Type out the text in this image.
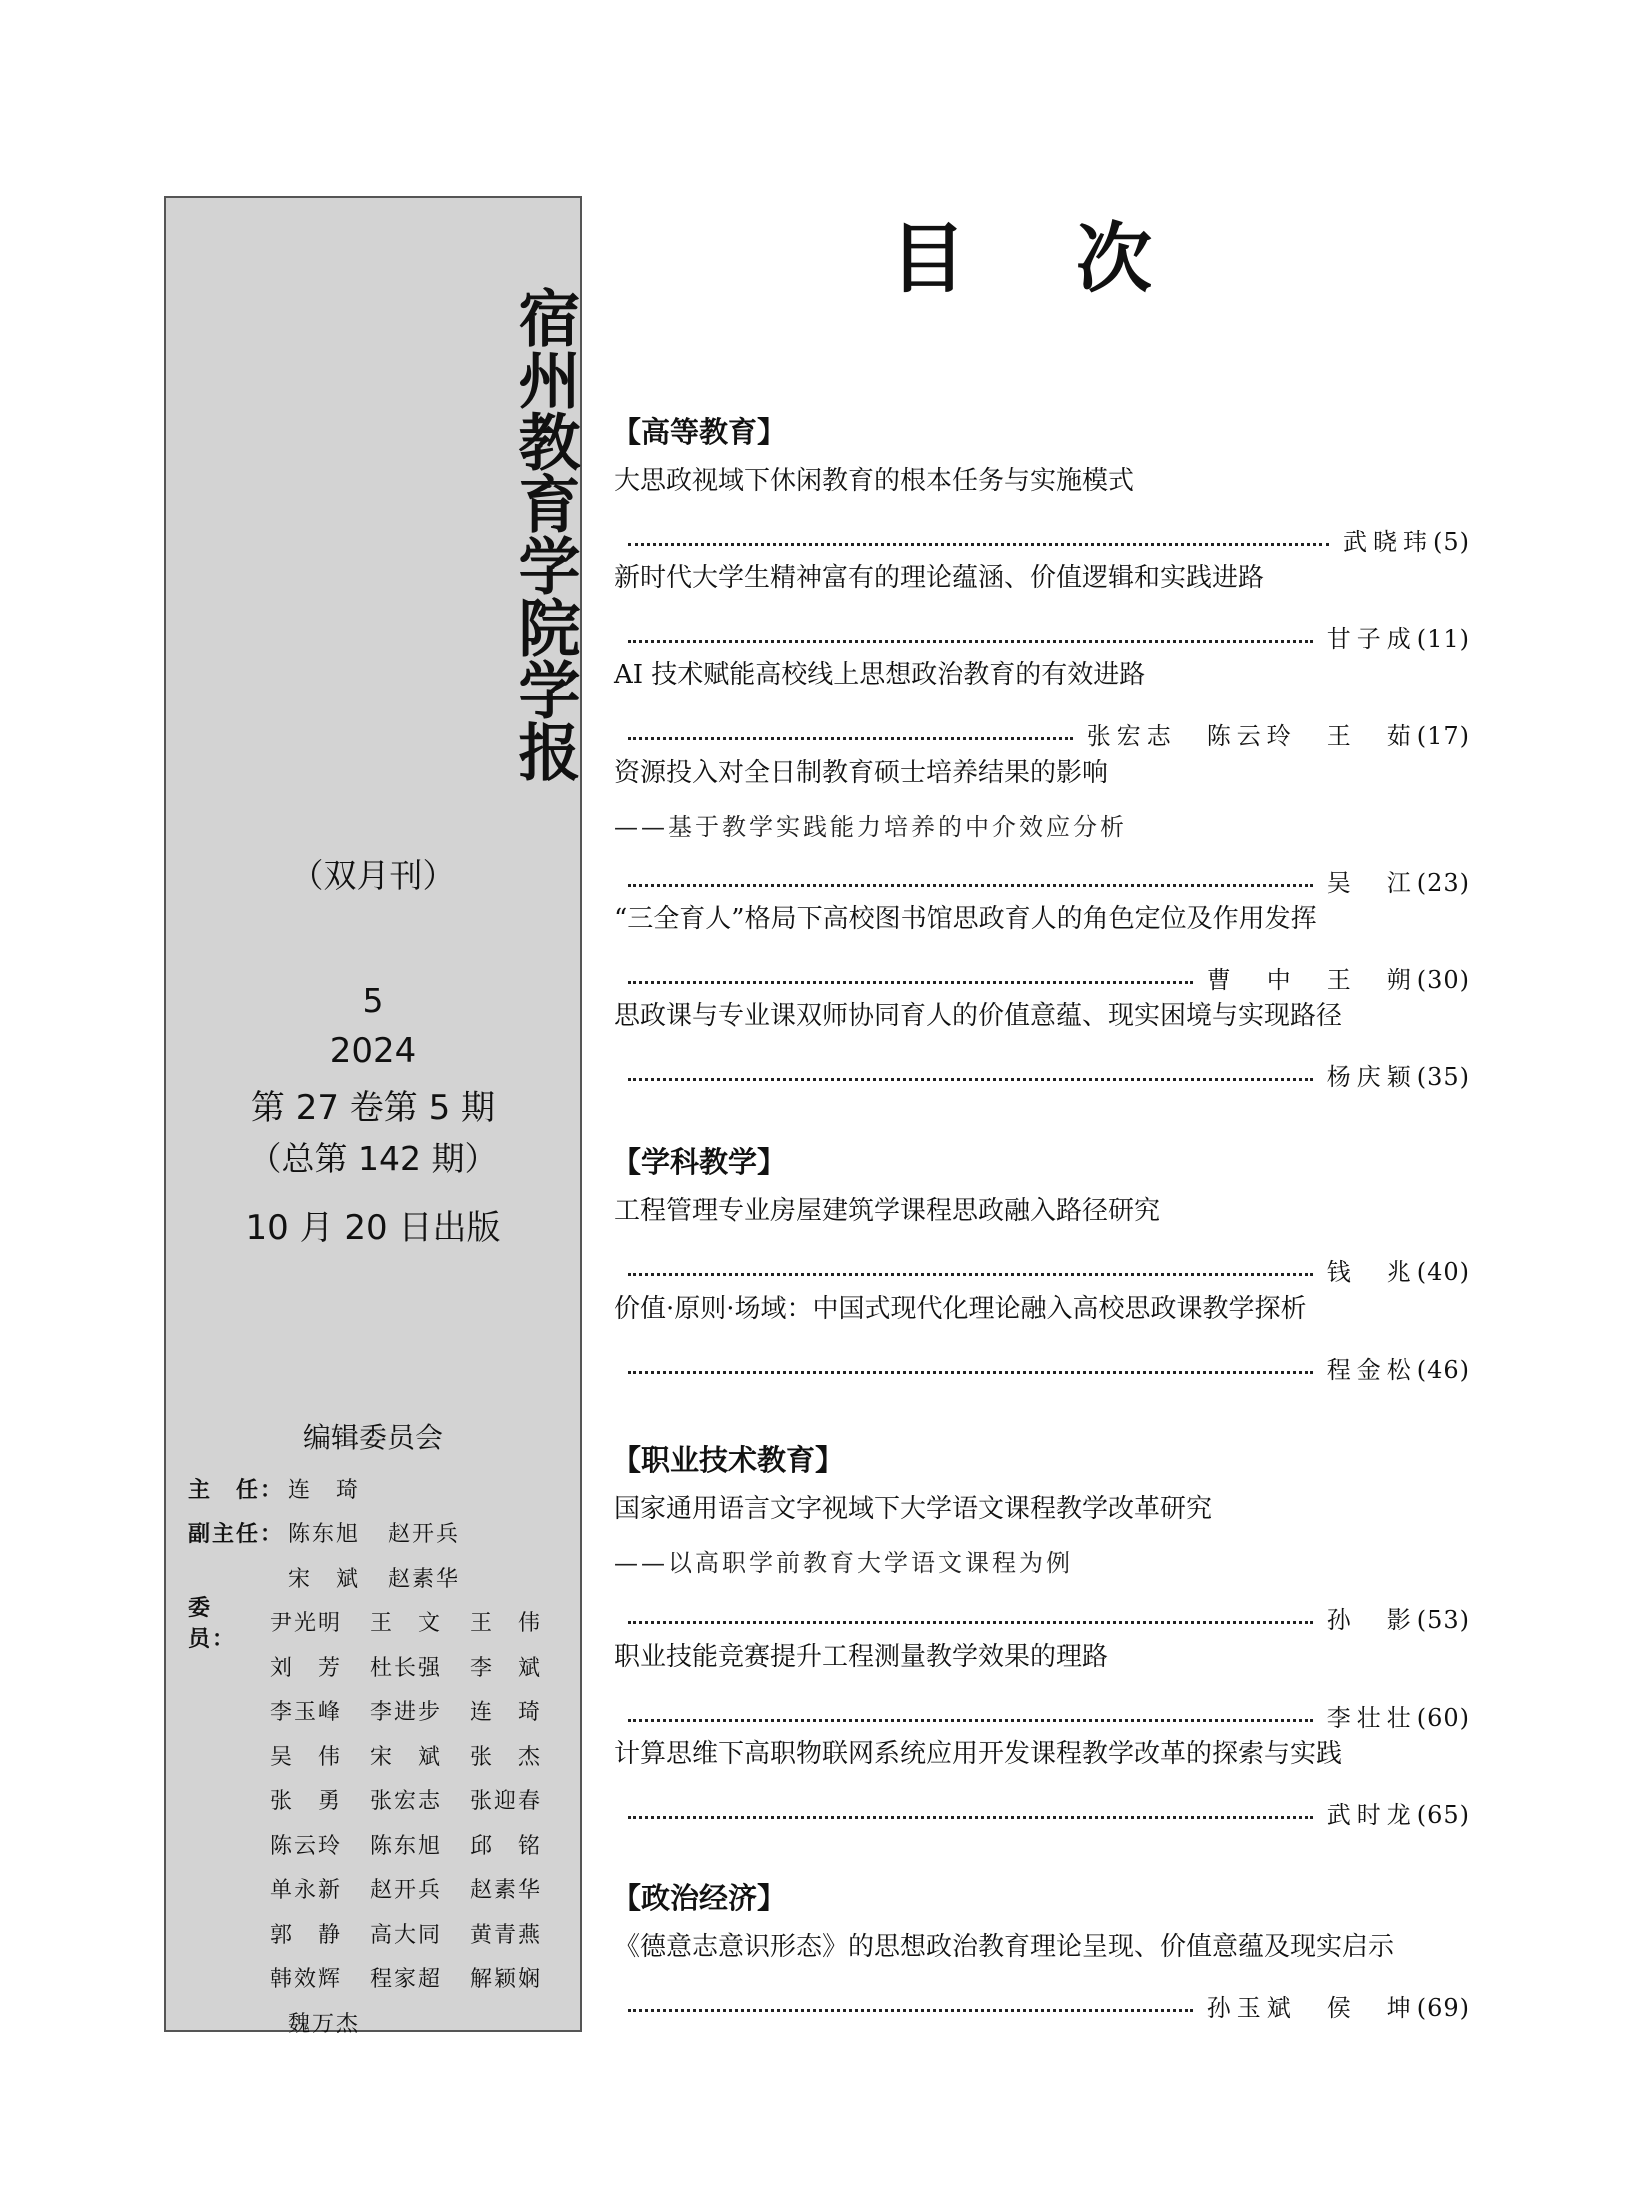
宿
州
教
育
学
院
学
报
（双月刊）
5
2024
第 27 卷第 5 期
（总第 142 期）
10 月 20 日出版
编辑委员会
主　任： 连　琦
副主任： 陈东旭	赵开兵
宋　斌	赵素华
委　员：
尹光明	王　文	王　伟
刘　芳	杜长强	李　斌
李玉峰	李进步	连　琦
吴　伟	宋　斌	张　杰
张　勇	张宏志	张迎春
陈云玲	陈东旭	邱　铭
单永新	赵开兵	赵素华
郭　静	高大同	黄青燕
韩效辉	程家超	解颖娴
魏万杰
目次
【高等教育】
大思政视域下休闲教育的根本任务与实施模式
武晓玮 (5)
新时代大学生精神富有的理论蕴涵、价值逻辑和实践进路
甘子成 (11)
AI 技术赋能高校线上思想政治教育的有效进路
张宏志　陈云玲　王　茹 (17)
资源投入对全日制教育硕士培养结果的影响
——基于教学实践能力培养的中介效应分析
吴　江 (23)
“三全育人”格局下高校图书馆思政育人的角色定位及作用发挥
曹　中　王　朔 (30)
思政课与专业课双师协同育人的价值意蕴、现实困境与实现路径
杨庆颖 (35)
【学科教学】
工程管理专业房屋建筑学课程思政融入路径研究
钱　兆 (40)
价值·原则·场域：中国式现代化理论融入高校思政课教学探析
程金松 (46)
【职业技术教育】
国家通用语言文字视域下大学语文课程教学改革研究
——以高职学前教育大学语文课程为例
孙　影 (53)
职业技能竞赛提升工程测量教学效果的理路
李壮壮 (60)
计算思维下高职物联网系统应用开发课程教学改革的探索与实践
武时龙 (65)
【政治经济】
《德意志意识形态》的思想政治教育理论呈现、价值意蕴及现实启示
孙玉斌　侯　坤 (69)
